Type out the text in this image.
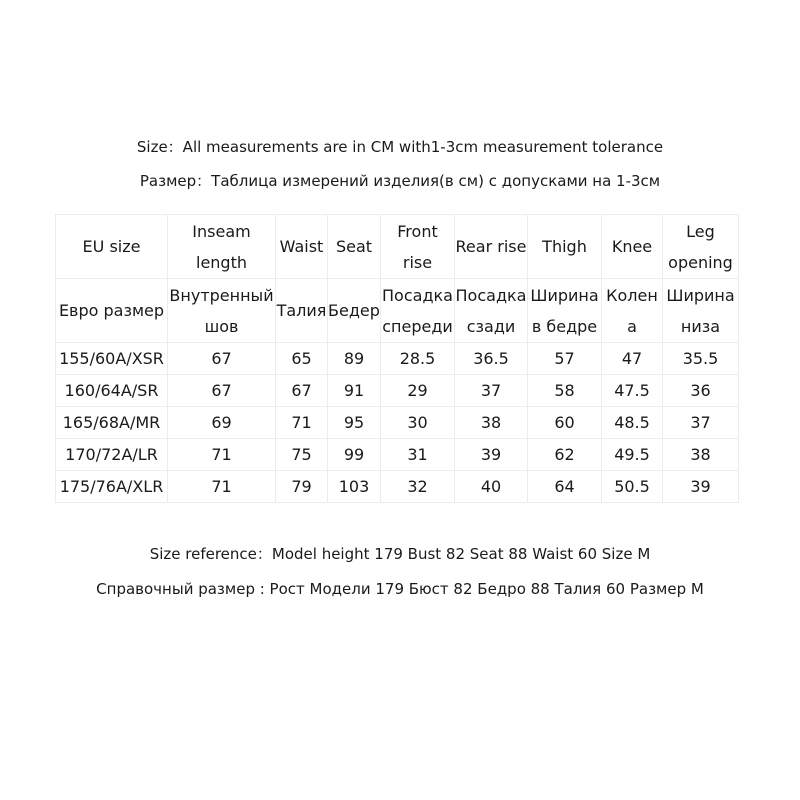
Size：All measurements are in CM with1-3cm measurement tolerance
Размер：Таблица измерений изделия(в см) с допусками на 1-3см
EU size	Inseam length	Waist	Seat	Front rise	Rear rise	Thigh	Knee	Leg opening

Евро размер	Внутренный шов	Талия	Бедер	Посадка спереди	Посадка сзади	Ширина в бедре	Колена	Ширина низа

155/60A/XSR	67	65	89	28.5	36.5	57	47	35.5
160/64A/SR	67	67	91	29	37	58	47.5	36
165/68A/MR	69	71	95	30	38	60	48.5	37
170/72A/LR	71	75	99	31	39	62	49.5	38
175/76A/XLR	71	79	103	32	40	64	50.5	39
Size reference：Model height 179 Bust 82 Seat 88 Waist 60 Size M
Справочный размер : Рост Модели 179 Бюст 82 Бедро 88 Талия 60 Размер M
